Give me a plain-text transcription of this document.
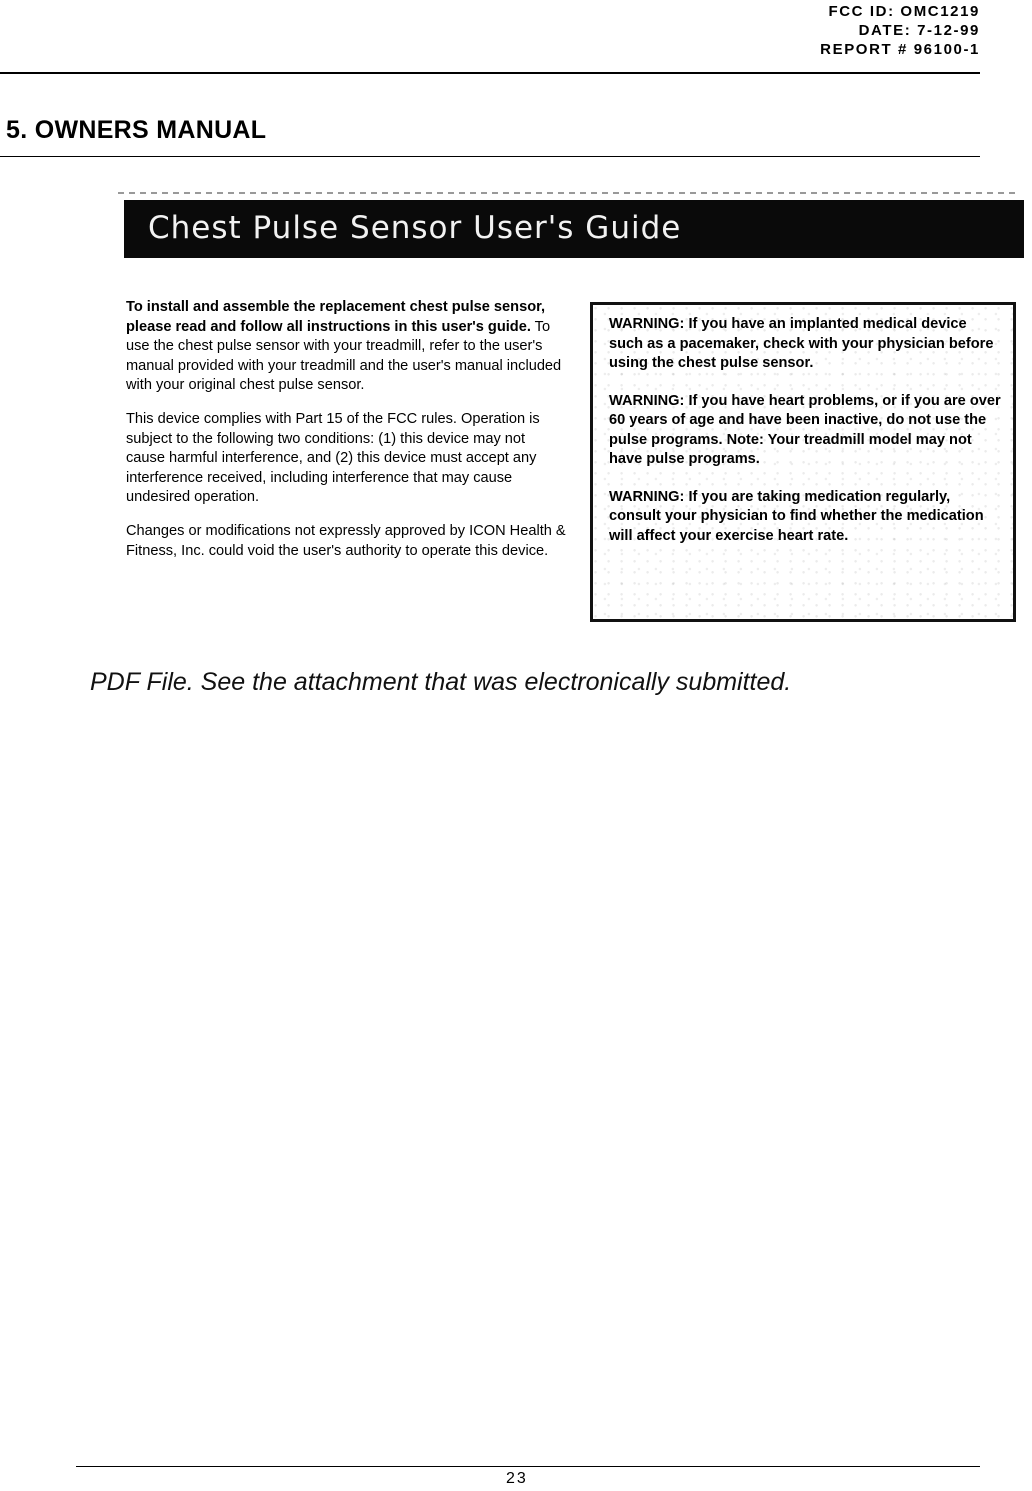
FCC ID: OMC1219
DATE: 7-12-99
REPORT # 96100-1
5. OWNERS MANUAL
Chest Pulse Sensor User's Guide

To install and assemble the replacement chest pulse sensor, please read and follow all instructions in this user's guide. To use the chest pulse sensor with your treadmill, refer to the user's manual provided with your treadmill and the user's manual included with your original chest pulse sensor.

This device complies with Part 15 of the FCC rules. Operation is subject to the following two conditions: (1) this device may not cause harmful interference, and (2) this device must accept any interference received, including interference that may cause undesired operation.

Changes or modifications not expressly approved by ICON Health & Fitness, Inc. could void the user's authority to operate this device.

WARNING: If you have an implanted medical device such as a pacemaker, check with your physician before using the chest pulse sensor.

WARNING: If you have heart problems, or if you are over 60 years of age and have been inactive, do not use the pulse programs. Note: Your treadmill model may not have pulse programs.

WARNING: If you are taking medication regularly, consult your physician to find whether the medication will affect your exercise heart rate.

PDF File. See the attachment that was electronically submitted.
23
